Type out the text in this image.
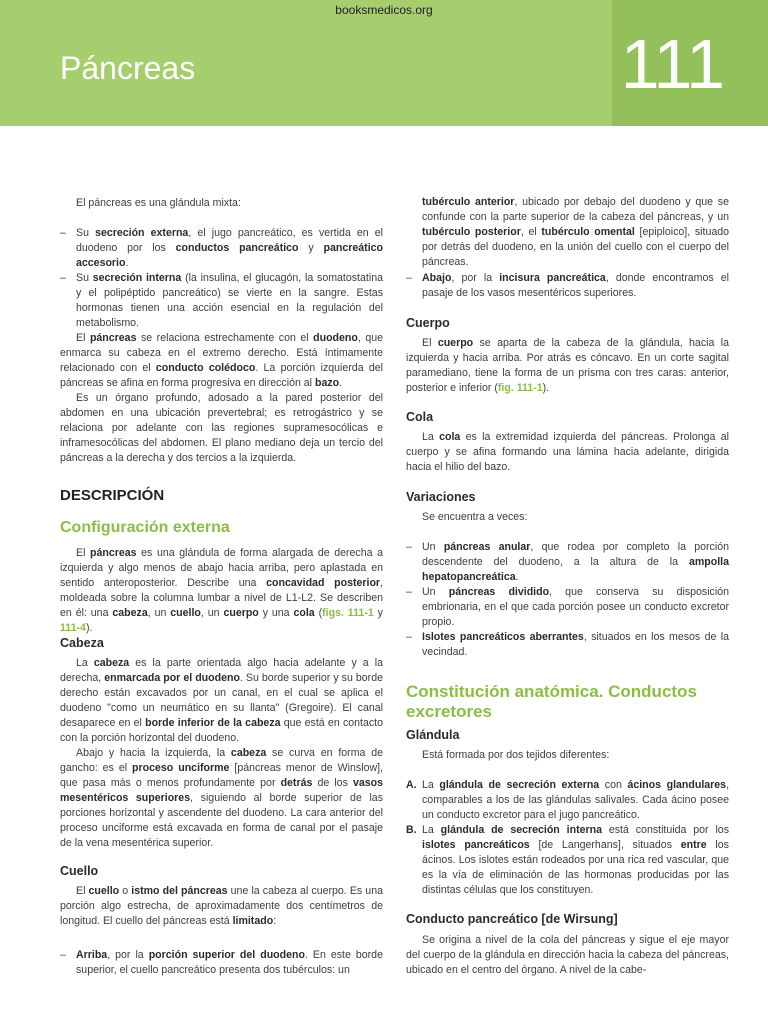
booksmedicos.org
Páncreas	111

El páncreas es una glándula mixta:

– Su secreción externa, el jugo pancreático, es vertida en el duodeno por los conductos pancreático y pancreático accesorio.
– Su secreción interna (la insulina, el glucagón, la somatostatina y el polipéptido pancreático) se vierte en la sangre. Estas hormonas tienen una acción esencial en la regulación del metabolismo.

El páncreas se relaciona estrechamente con el duodeno, que enmarca su cabeza en el extremo derecho. Está íntimamente relacionado con el conducto colédoco. La porción izquierda del páncreas se afina en forma progresiva en dirección al bazo.

Es un órgano profundo, adosado a la pared posterior del abdomen en una ubicación prevertebral; es retrogástrico y se relaciona por adelante con las regiones supramesocólicas e inframesocólicas del abdomen. El plano mediano deja un tercio del páncreas a la derecha y dos tercios a la izquierda.

DESCRIPCIÓN
Configuración externa

El páncreas es una glándula de forma alargada de derecha a izquierda y algo menos de abajo hacia arriba, pero aplastada en sentido anteroposterior. Describe una concavidad posterior, moldeada sobre la columna lumbar a nivel de L1-L2. Se describen en él: una cabeza, un cuello, un cuerpo y una cola (figs. 111-1 y 111-4).

Cabeza

La cabeza es la parte orientada algo hacia adelante y a la derecha, enmarcada por el duodeno. Su borde superior y su borde derecho están excavados por un canal, en el cual se aplica el duodeno "como un neumático en su llanta" (Gregoire). El canal desaparece en el borde inferior de la cabeza que está en contacto con la porción horizontal del duodeno.

Abajo y hacia la izquierda, la cabeza se curva en forma de gancho: es el proceso unciforme [páncreas menor de Winslow], que pasa más o menos profundamente por detrás de los vasos mesentéricos superiores, siguiendo al borde superior de las porciones horizontal y ascendente del duodeno. La cara anterior del proceso unciforme está excavada en forma de canal por el pasaje de la vena mesentérica superior.

Cuello

El cuello o istmo del páncreas une la cabeza al cuerpo. Es una porción algo estrecha, de aproximadamente dos centímetros de longitud. El cuello del páncreas está limitado:

– Arriba, por la porción superior del duodeno. En este borde superior, el cuello pancreático presenta dos tubérculos: un

tubérculo anterior, ubicado por debajo del duodeno y que se confunde con la parte superior de la cabeza del páncreas, y un tubérculo posterior, el tubérculo omental [epiploico], situado por detrás del duodeno, en la unión del cuello con el cuerpo del páncreas.

– Abajo, por la incisura pancreática, donde encontramos el pasaje de los vasos mesentéricos superiores.
Cuerpo

El cuerpo se aparta de la cabeza de la glándula, hacia la izquierda y hacia arriba. Por atrás es cóncavo. En un corte sagital paramediano, tiene la forma de un prisma con tres caras: anterior, posterior e inferior (fig. 111-1).

Cola

La cola es la extremidad izquierda del páncreas. Prolonga al cuerpo y se afina formando una lámina hacia adelante, dirigida hacia el hilio del bazo.

Variaciones

Se encuentra a veces:

– Un páncreas anular, que rodea por completo la porción descendente del duodeno, a la altura de la ampolla hepatopancreática.
– Un páncreas dividido, que conserva su disposición embrionaria, en el que cada porción posee un conducto excretor propio.
– Islotes pancreáticos aberrantes, situados en los mesos de la vecindad.
Constitución anatómica. Conductos
excretores
Glándula

Está formada por dos tejidos diferentes:

A. La glándula de secreción externa con ácinos glandulares, comparables a los de las glándulas salivales. Cada ácino posee un conducto excretor para el jugo pancreático.
B. La glándula de secreción interna está constituida por los islotes pancreáticos [de Langerhans], situados entre los ácinos. Los islotes están rodeados por una rica red vascular, que es la vía de eliminación de las hormonas producidas por las distintas células que los constituyen.
Conducto pancreático [de Wirsung]

Se origina a nivel de la cola del páncreas y sigue el eje mayor del cuerpo de la glándula en dirección hacia la cabeza del páncreas, ubicado en el centro del órgano. A nivel de la cabe-
